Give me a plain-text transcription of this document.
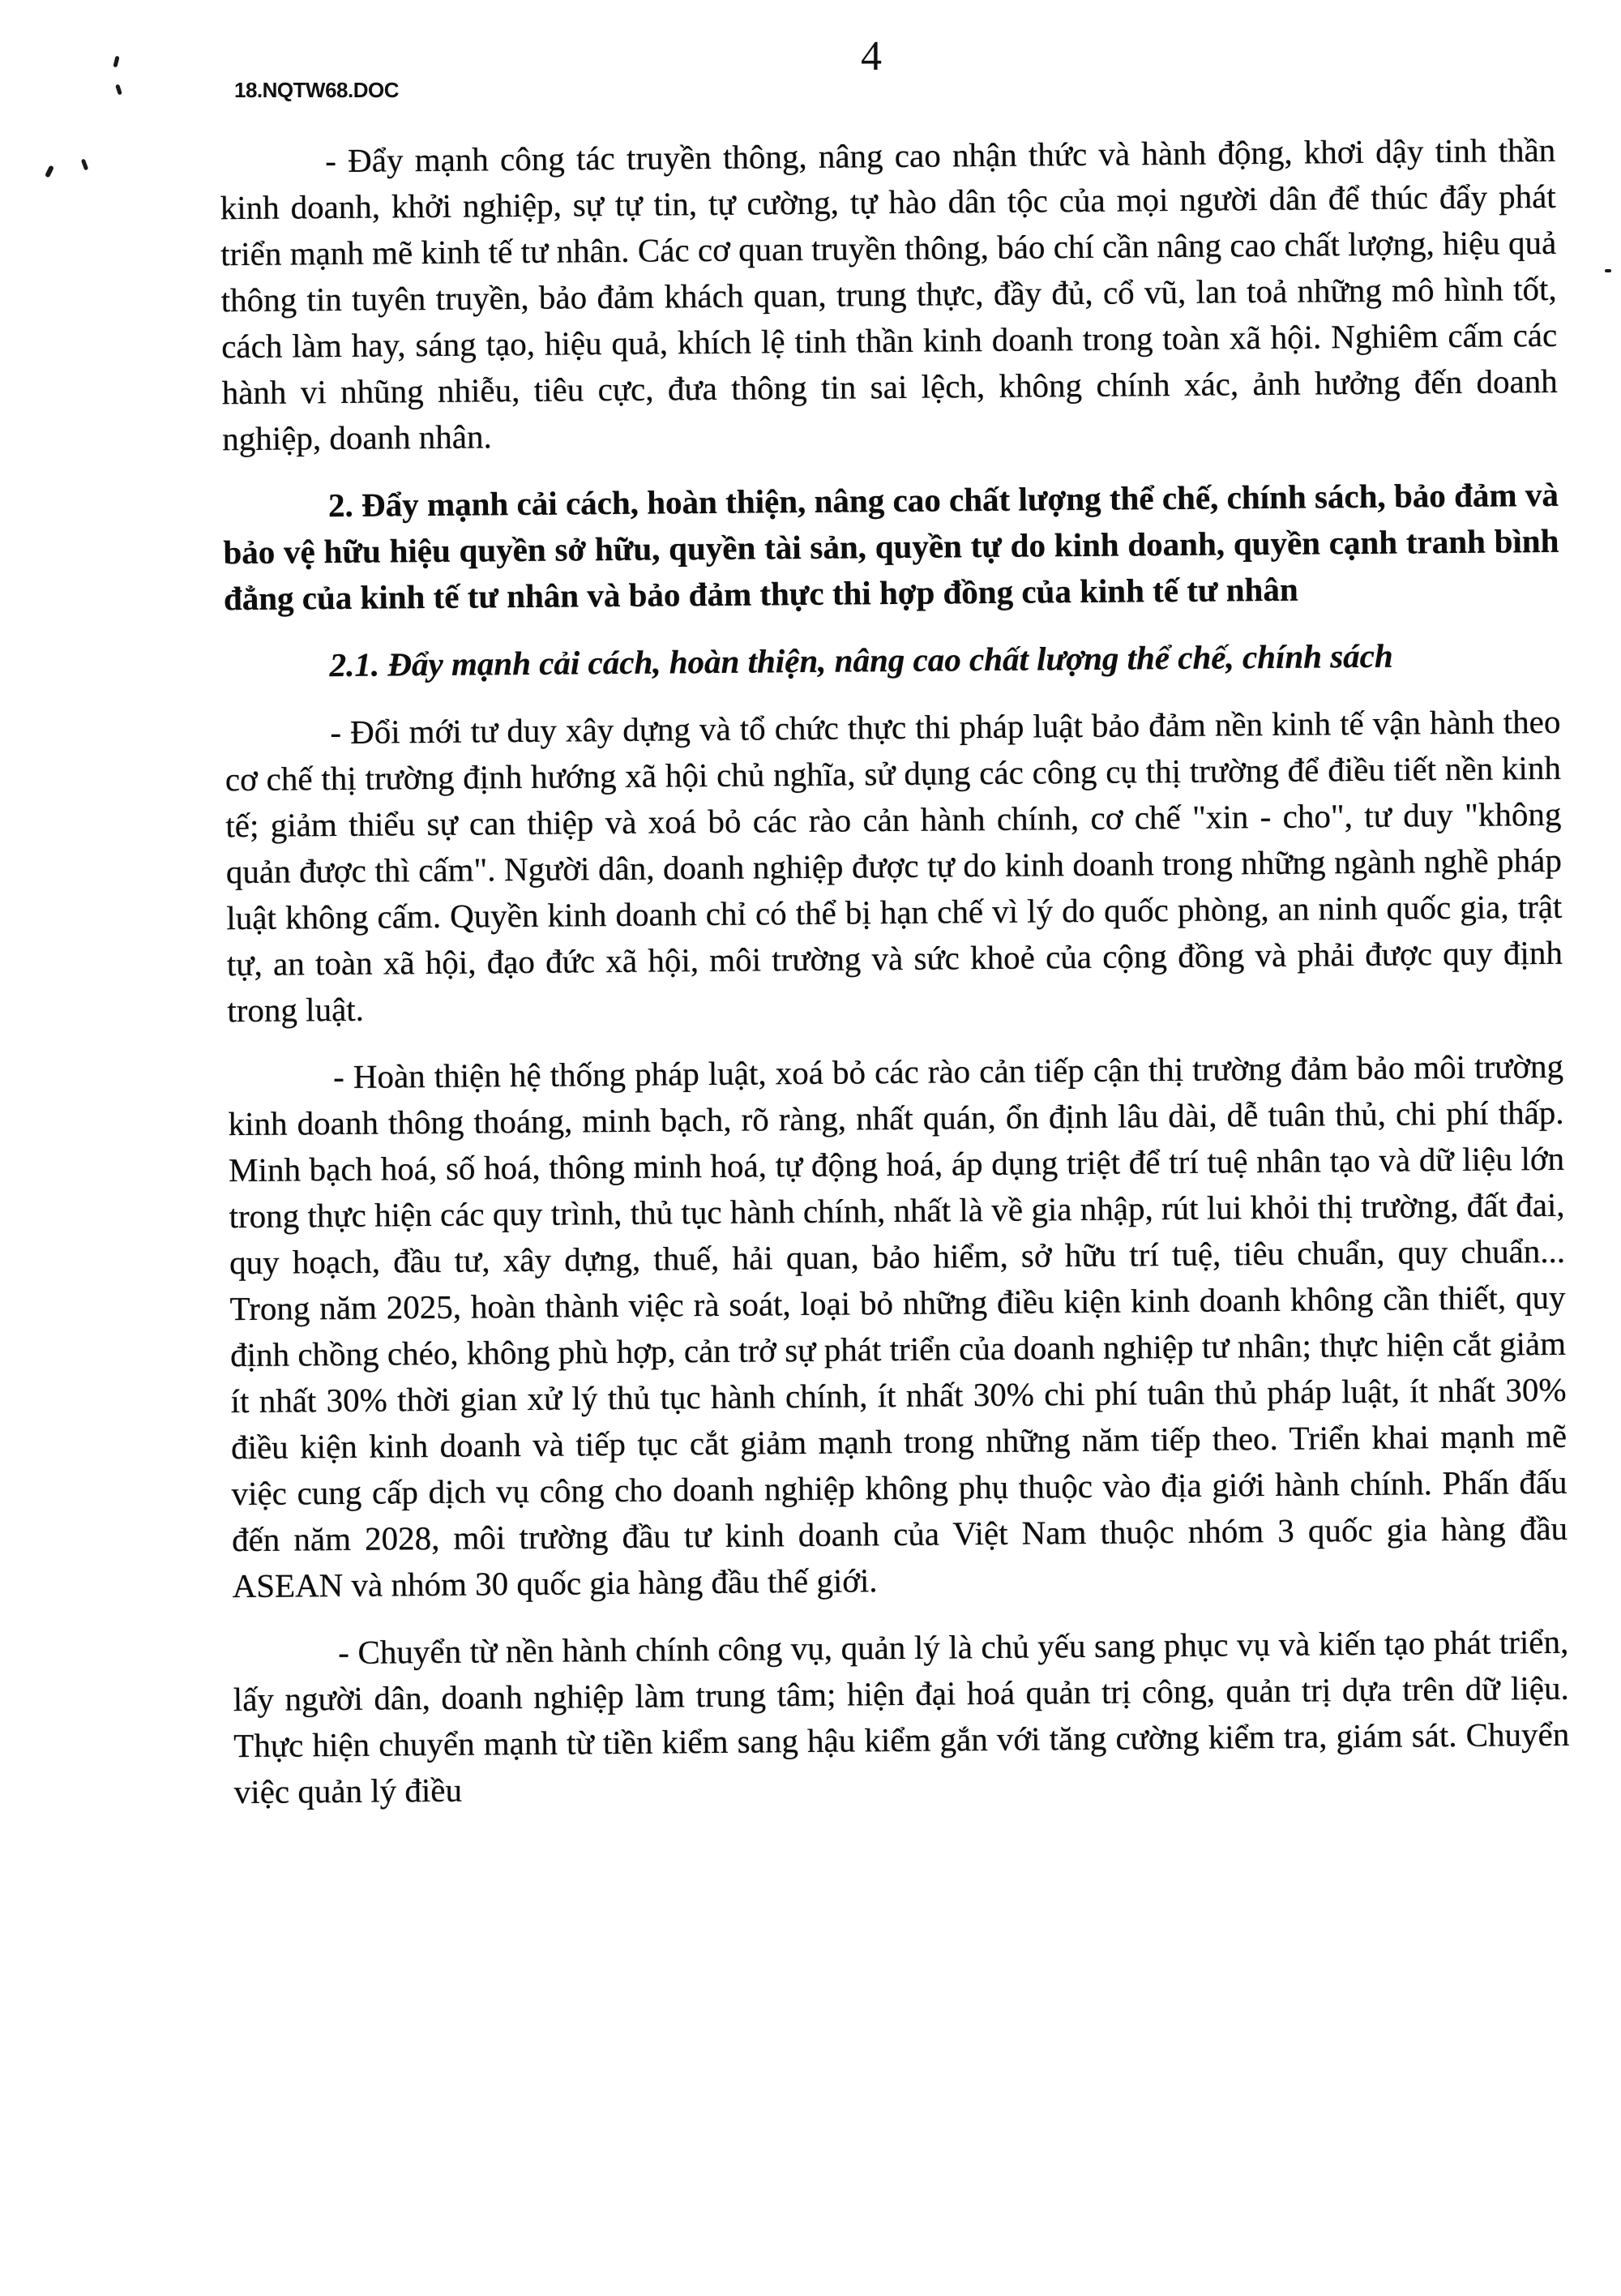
18.NQTW68.DOC
4

- Đẩy mạnh công tác truyền thông, nâng cao nhận thức và hành động, khơi dậy tinh thần kinh doanh, khởi nghiệp, sự tự tin, tự cường, tự hào dân tộc của mọi người dân để thúc đẩy phát triển mạnh mẽ kinh tế tư nhân. Các cơ quan truyền thông, báo chí cần nâng cao chất lượng, hiệu quả thông tin tuyên truyền, bảo đảm khách quan, trung thực, đầy đủ, cổ vũ, lan toả những mô hình tốt, cách làm hay, sáng tạo, hiệu quả, khích lệ tinh thần kinh doanh trong toàn xã hội. Nghiêm cấm các hành vi nhũng nhiễu, tiêu cực, đưa thông tin sai lệch, không chính xác, ảnh hưởng đến doanh nghiệp, doanh nhân.

2. Đẩy mạnh cải cách, hoàn thiện, nâng cao chất lượng thể chế, chính sách, bảo đảm và bảo vệ hữu hiệu quyền sở hữu, quyền tài sản, quyền tự do kinh doanh, quyền cạnh tranh bình đẳng của kinh tế tư nhân và bảo đảm thực thi hợp đồng của kinh tế tư nhân

2.1. Đẩy mạnh cải cách, hoàn thiện, nâng cao chất lượng thể chế, chính sách

- Đổi mới tư duy xây dựng và tổ chức thực thi pháp luật bảo đảm nền kinh tế vận hành theo cơ chế thị trường định hướng xã hội chủ nghĩa, sử dụng các công cụ thị trường để điều tiết nền kinh tế; giảm thiểu sự can thiệp và xoá bỏ các rào cản hành chính, cơ chế "xin - cho", tư duy "không quản được thì cấm". Người dân, doanh nghiệp được tự do kinh doanh trong những ngành nghề pháp luật không cấm. Quyền kinh doanh chỉ có thể bị hạn chế vì lý do quốc phòng, an ninh quốc gia, trật tự, an toàn xã hội, đạo đức xã hội, môi trường và sức khoẻ của cộng đồng và phải được quy định trong luật.

- Hoàn thiện hệ thống pháp luật, xoá bỏ các rào cản tiếp cận thị trường đảm bảo môi trường kinh doanh thông thoáng, minh bạch, rõ ràng, nhất quán, ổn định lâu dài, dễ tuân thủ, chi phí thấp. Minh bạch hoá, số hoá, thông minh hoá, tự động hoá, áp dụng triệt để trí tuệ nhân tạo và dữ liệu lớn trong thực hiện các quy trình, thủ tục hành chính, nhất là về gia nhập, rút lui khỏi thị trường, đất đai, quy hoạch, đầu tư, xây dựng, thuế, hải quan, bảo hiểm, sở hữu trí tuệ, tiêu chuẩn, quy chuẩn... Trong năm 2025, hoàn thành việc rà soát, loại bỏ những điều kiện kinh doanh không cần thiết, quy định chồng chéo, không phù hợp, cản trở sự phát triển của doanh nghiệp tư nhân; thực hiện cắt giảm ít nhất 30% thời gian xử lý thủ tục hành chính, ít nhất 30% chi phí tuân thủ pháp luật, ít nhất 30% điều kiện kinh doanh và tiếp tục cắt giảm mạnh trong những năm tiếp theo. Triển khai mạnh mẽ việc cung cấp dịch vụ công cho doanh nghiệp không phụ thuộc vào địa giới hành chính. Phấn đấu đến năm 2028, môi trường đầu tư kinh doanh của Việt Nam thuộc nhóm 3 quốc gia hàng đầu ASEAN và nhóm 30 quốc gia hàng đầu thế giới.

- Chuyển từ nền hành chính công vụ, quản lý là chủ yếu sang phục vụ và kiến tạo phát triển, lấy người dân, doanh nghiệp làm trung tâm; hiện đại hoá quản trị công, quản trị dựa trên dữ liệu. Thực hiện chuyển mạnh từ tiền kiểm sang hậu kiểm gắn với tăng cường kiểm tra, giám sát. Chuyển việc quản lý điều
